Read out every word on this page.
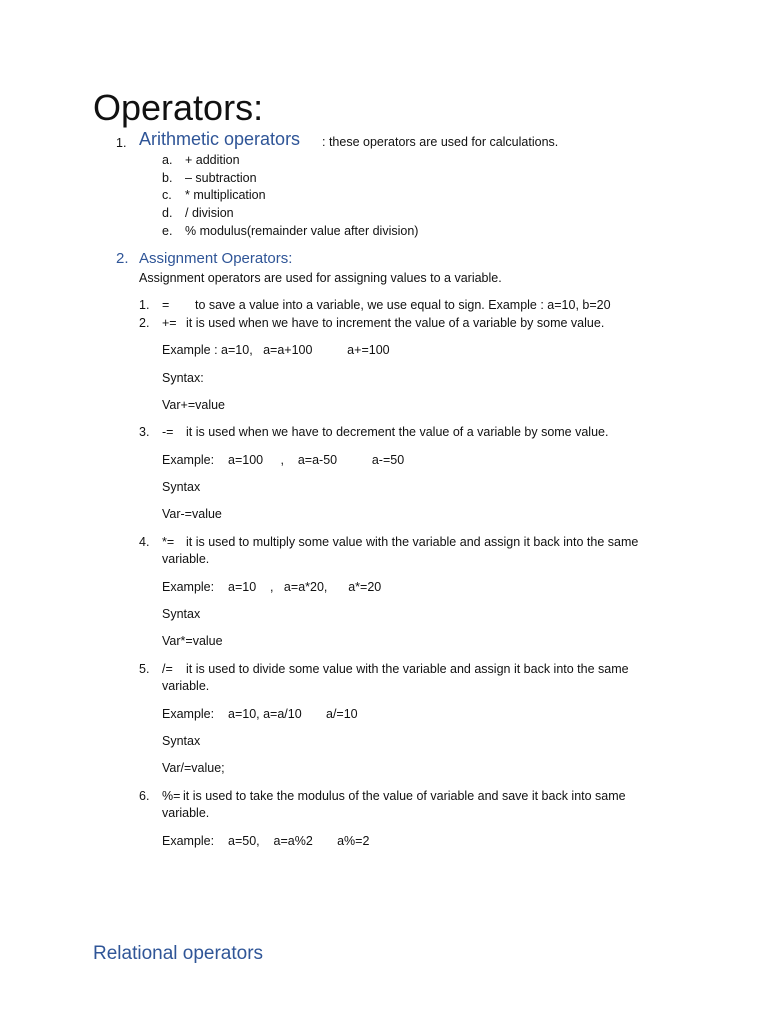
Operators:
1. Arithmetic operators : these operators are used for calculations.
a. + addition
b. – subtraction
c. * multiplication
d. / division
e. % modulus(remainder value after division)
2. Assignment Operators:
Assignment operators are used for assigning values to a variable.
1. = to save a value into a variable, we use equal to sign. Example : a=10, b=20
2. += it is used when we have to increment the value of a variable by some value.
Example : a=10,   a=a+100          a+=100
Syntax:
Var+=value
3. -= it is used when we have to decrement the value of a variable by some value.
Example:    a=100     ,    a=a-50          a-=50
Syntax
Var-=value
4. *= it is used to multiply some value with the variable and assign it back into the same
variable.
Example:    a=10    ,   a=a*20,      a*=20
Syntax
Var*=value
5. /= it is used to divide some value with the variable and assign it back into the same
variable.
Example:    a=10, a=a/10       a/=10
Syntax
Var/=value;
6. %= it is used to take the modulus of the value of variable and save it back into same
variable.
Example:    a=50,    a=a%2       a%=2
Relational operators
